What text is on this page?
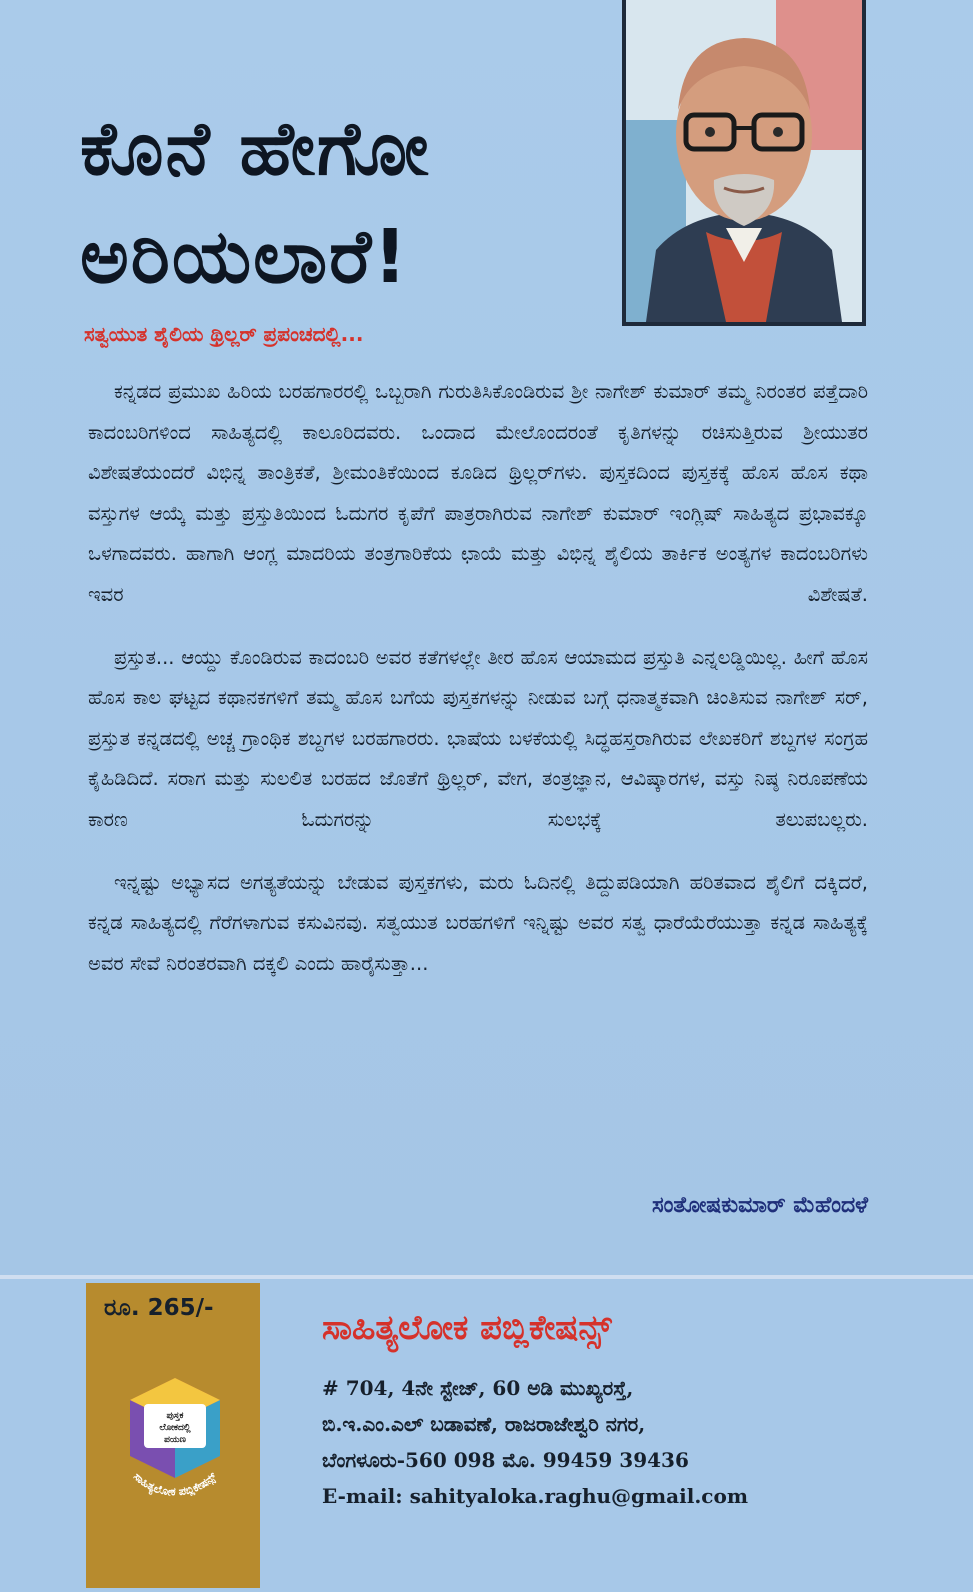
ಕೊನೆ ಹೇಗೋ
ಅರಿಯಲಾರೆ!
ಸತ್ವಯುತ ಶೈಲಿಯ ಥ್ರಿಲ್ಲರ್ ಪ್ರಪಂಚದಲ್ಲಿ...

ಕನ್ನಡದ ಪ್ರಮುಖ ಹಿರಿಯ ಬರಹಗಾರರಲ್ಲಿ ಒಬ್ಬರಾಗಿ ಗುರುತಿಸಿಕೊಂಡಿರುವ ಶ್ರೀ ನಾಗೇಶ್ ಕುಮಾರ್ ತಮ್ಮ ನಿರಂತರ ಪತ್ತೆದಾರಿ ಕಾದಂಬರಿಗಳಿಂದ ಸಾಹಿತ್ಯದಲ್ಲಿ ಕಾಲೂರಿದವರು. ಒಂದಾದ ಮೇಲೊಂದರಂತೆ ಕೃತಿಗಳನ್ನು ರಚಿಸುತ್ತಿರುವ ಶ್ರೀಯುತರ ವಿಶೇಷತೆಯಂದರೆ ವಿಭಿನ್ನ ತಾಂತ್ರಿಕತೆ, ಶ್ರೀಮಂತಿಕೆಯಿಂದ ಕೂಡಿದ ಥ್ರಿಲ್ಲರ್‌ಗಳು. ಪುಸ್ತಕದಿಂದ ಪುಸ್ತಕಕ್ಕೆ ಹೊಸ ಹೊಸ ಕಥಾ ವಸ್ತುಗಳ ಆಯ್ಕೆ ಮತ್ತು ಪ್ರಸ್ತುತಿಯಿಂದ ಓದುಗರ ಕೃಪೆಗೆ ಪಾತ್ರರಾಗಿರುವ ನಾಗೇಶ್ ಕುಮಾರ್ ಇಂಗ್ಲಿಷ್ ಸಾಹಿತ್ಯದ ಪ್ರಭಾವಕ್ಕೂ ಒಳಗಾದವರು. ಹಾಗಾಗಿ ಆಂಗ್ಲ ಮಾದರಿಯ ತಂತ್ರಗಾರಿಕೆಯ ಛಾಯೆ ಮತ್ತು ವಿಭಿನ್ನ ಶೈಲಿಯ ತಾರ್ಕಿಕ ಅಂತ್ಯಗಳ ಕಾದಂಬರಿಗಳು ಇವರ ವಿಶೇಷತೆ.

ಪ್ರಸ್ತುತ... ಆಯ್ದು ಕೊಂಡಿರುವ ಕಾದಂಬರಿ ಅವರ ಕತೆಗಳಲ್ಲೇ ತೀರ ಹೊಸ ಆಯಾಮದ ಪ್ರಸ್ತುತಿ ಎನ್ನಲಡ್ಡಿಯಿಲ್ಲ. ಹೀಗೆ ಹೊಸ ಹೊಸ ಕಾಲ ಘಟ್ಟದ ಕಥಾನಕಗಳಿಗೆ ತಮ್ಮ ಹೊಸ ಬಗೆಯ ಪುಸ್ತಕಗಳನ್ನು ನೀಡುವ ಬಗ್ಗೆ ಧನಾತ್ಮಕವಾಗಿ ಚಿಂತಿಸುವ ನಾಗೇಶ್ ಸರ್, ಪ್ರಸ್ತುತ ಕನ್ನಡದಲ್ಲಿ ಅಚ್ಚ ಗ್ರಾಂಥಿಕ ಶಬ್ದಗಳ ಬರಹಗಾರರು. ಭಾಷೆಯ ಬಳಕೆಯಲ್ಲಿ ಸಿದ್ಧಹಸ್ತರಾಗಿರುವ ಲೇಖಕರಿಗೆ ಶಬ್ದಗಳ ಸಂಗ್ರಹ ಕೈಹಿಡಿದಿದೆ. ಸರಾಗ ಮತ್ತು ಸುಲಲಿತ ಬರಹದ ಜೊತೆಗೆ ಥ್ರಿಲ್ಲರ್, ವೇಗ, ತಂತ್ರಜ್ಞಾನ, ಆವಿಷ್ಕಾರಗಳ, ವಸ್ತು ನಿಷ್ಠ ನಿರೂಪಣೆಯ ಕಾರಣ ಓದುಗರನ್ನು ಸುಲಭಕ್ಕೆ ತಲುಪಬಲ್ಲರು.

ಇನ್ನಷ್ಟು ಅಭ್ಯಾಸದ ಅಗತ್ಯತೆಯನ್ನು ಬೇಡುವ ಪುಸ್ತಕಗಳು, ಮರು ಓದಿನಲ್ಲಿ ತಿದ್ದುಪಡಿಯಾಗಿ ಹರಿತವಾದ ಶೈಲಿಗೆ ದಕ್ಕಿದರೆ, ಕನ್ನಡ ಸಾಹಿತ್ಯದಲ್ಲಿ ಗೆರೆಗಳಾಗುವ ಕಸುವಿನವು. ಸತ್ವಯುತ ಬರಹಗಳಿಗೆ ಇನ್ನಿಷ್ಟು ಅವರ ಸತ್ವ ಧಾರೆಯೆರೆಯುತ್ತಾ ಕನ್ನಡ ಸಾಹಿತ್ಯಕ್ಕೆ ಅವರ ಸೇವೆ ನಿರಂತರವಾಗಿ ದಕ್ಕಲಿ ಎಂದು ಹಾರೈಸುತ್ತಾ...

ಸಂತೋಷಕುಮಾರ್ ಮೆಹೆಂದಳೆ
ರೂ. 265/-
ಪುಸ್ತಕ
ಲೋಕದಲ್ಲಿ
ಪಯಣ
ಸಾಹಿತ್ಯಲೋಕ ಪಬ್ಲಿಕೇಷನ್ಸ್
ಸಾಹಿತ್ಯಲೋಕ ಪಬ್ಲಿಕೇಷನ್ಸ್
# 704, 4ನೇ ಸ್ಟೇಜ್, 60 ಅಡಿ ಮುಖ್ಯರಸ್ತೆ,
ಬಿ.ಇ.ಎಂ.ಎಲ್ ಬಡಾವಣೆ, ರಾಜರಾಜೇಶ್ವರಿ ನಗರ,
ಬೆಂಗಳೂರು-560 098 ಮೊ. 99459 39436
E-mail: sahityaloka.raghu@gmail.com
